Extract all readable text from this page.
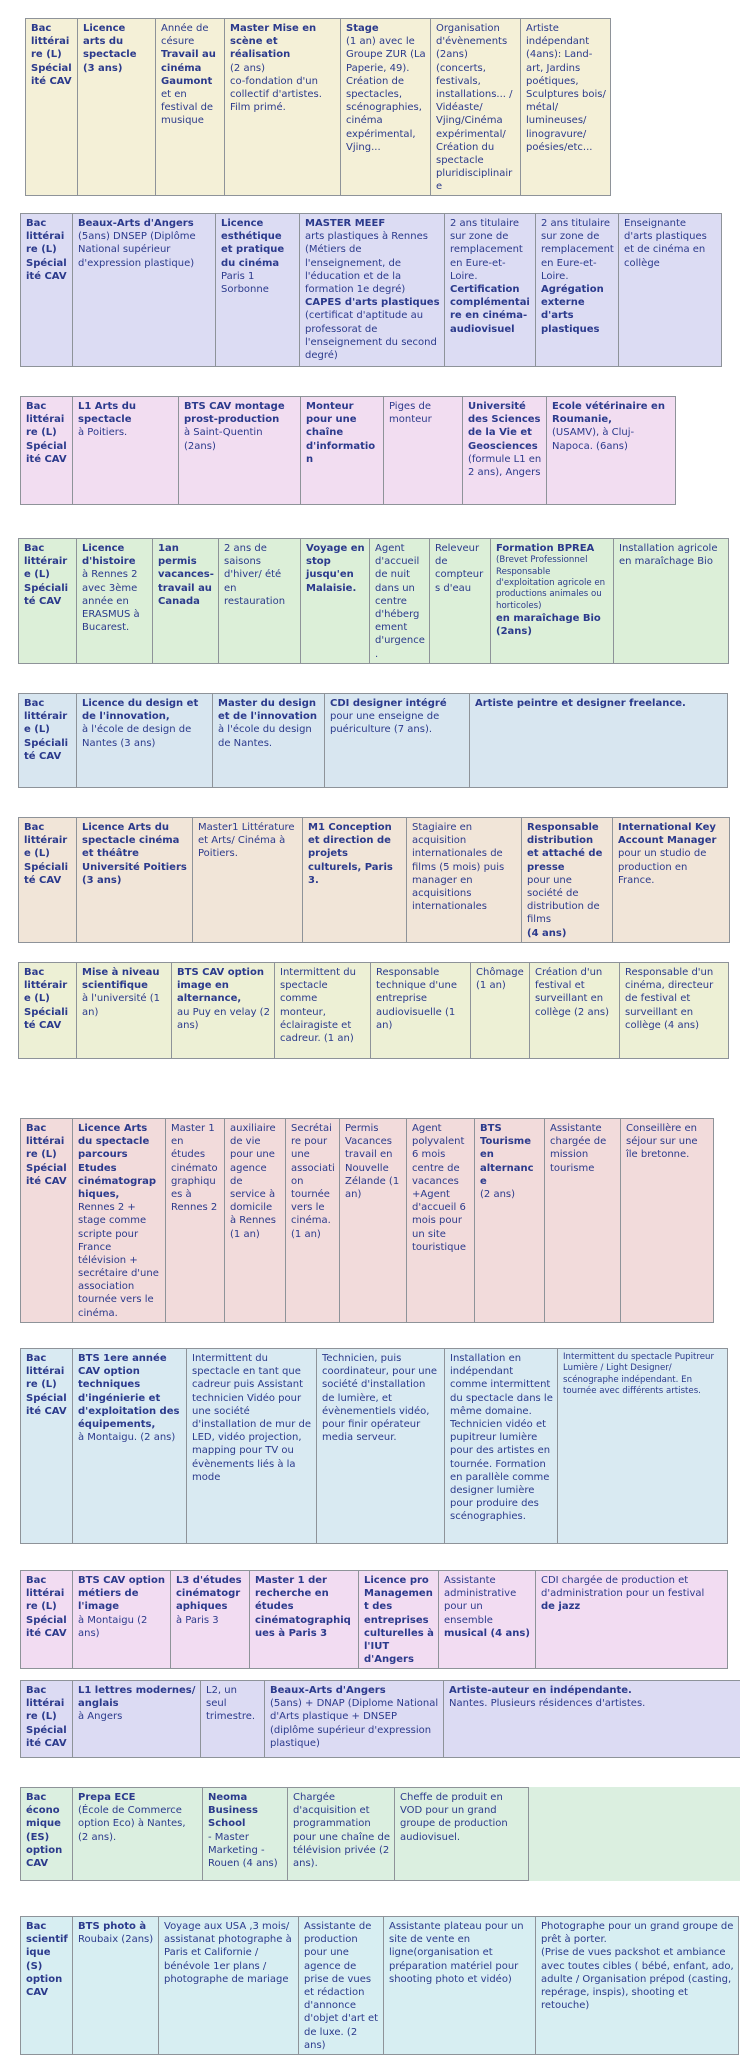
Bac littéraire (L) Spécialité CAV

Licence arts du spectacle (3 ans)

Année de césure
Travail au cinéma Gaumont
et en festival de musique

Master Mise en scène et réalisation
(2 ans)
co-fondation d'un collectif d'artistes. Film primé.

Stage
(1 an) avec le Groupe ZUR (La Paperie, 49). Création de spectacles, scénographies, cinéma expérimental, Vjing...

Organisation d'évènements (2ans) (concerts, festivals, installations... / Vidéaste/ Vjing/Cinéma expérimental/ Création du spectacle pluridisciplinaire

Artiste indépendant (4ans): Land-art, Jardins poétiques, Sculptures bois/ métal/ lumineuses/ linogravure/ poésies/etc...
Bac littéraire (L) Spécialité CAV

Beaux-Arts d'Angers
(5ans) DNSEP (Diplôme National supérieur d'expression plastique)

Licence esthétique et pratique du cinéma
Paris 1 Sorbonne

MASTER MEEF
arts plastiques à Rennes (Métiers de l'enseignement, de l'éducation et de la formation 1e degré)
CAPES d'arts plastiques
(certificat d'aptitude au professorat de l'enseignement du second degré)

2 ans titulaire sur zone de remplacement en Eure-et-Loire.
Certification complémentaire en cinéma-audiovisuel

2 ans titulaire sur zone de remplacement en Eure-et-Loire.
Agrégation externe d'arts plastiques

Enseignante d'arts plastiques et de cinéma en collège
Bac littéraire (L) Spécialité CAV

L1 Arts du spectacle
à Poitiers.

BTS CAV montage prost-production
à Saint-Quentin (2ans)

Monteur pour une chaîne d'information

Piges de monteur

Université des Sciences de la Vie et Geosciences
(formule L1 en 2 ans), Angers

Ecole vétérinaire en Roumanie,
(USAMV), à Cluj-Napoca. (6ans)
Bac littéraire (L) Spécialité CAV

Licence d'histoire
à Rennes 2 avec 3ème année en ERASMUS à Bucarest.

1an permis vacances-travail au Canada

2 ans de saisons d'hiver/ été en restauration

Voyage en stop jusqu'en Malaisie.

Agent d'accueil de nuit dans un centre d'hébergement d'urgence.

Releveur de compteurs d'eau

Formation BPREA
(Brevet Professionnel Responsable d'exploitation agricole en productions animales ou horticoles)
en maraîchage Bio (2ans)

Installation agricole en maraîchage Bio
Bac littéraire (L) Spécialité CAV

Licence du design et de l'innovation,
à l'école de design de Nantes (3 ans)

Master du design et de l'innovation
à l'école du design de Nantes.

CDI designer intégré
pour une enseigne de puériculture (7 ans).

Artiste peintre et designer freelance.
Bac littéraire (L) Spécialité CAV

Licence Arts du spectacle cinéma et théâtre Université Poitiers (3 ans)

Master1 Littérature et Arts/ Cinéma à Poitiers.

M1 Conception et direction de projets culturels, Paris 3.

Stagiaire en acquisition internationales de films (5 mois) puis manager en acquisitions internationales

Responsable distribution et attaché de presse
pour une société de distribution de films
(4 ans)

International Key Account Manager
pour un studio de production en France.
Bac littéraire (L) Spécialité CAV

Mise à niveau scientifique
à l'université (1 an)

BTS CAV option image en alternance,
au Puy en velay (2 ans)

Intermittent du spectacle comme monteur, éclairagiste et cadreur. (1 an)

Responsable technique d'une entreprise audiovisuelle (1 an)

Chômage (1 an)

Création d'un festival et surveillant en collège (2 ans)

Responsable d'un cinéma, directeur de festival et surveillant en collège (4 ans)
Bac littéraire (L) Spécialité CAV

Licence Arts du spectacle parcours Etudes cinématographiques,
Rennes 2 + stage comme scripte pour France télévision + secrétaire d'une association tournée vers le cinéma.

Master 1 en études cinématographiques à Rennes 2

auxiliaire de vie pour une agence de service à domicile à Rennes (1 an)

Secrétaire pour une association tournée vers le cinéma. (1 an)

Permis Vacances travail en Nouvelle Zélande (1 an)

Agent polyvalent 6 mois centre de vacances +Agent d'accueil 6 mois pour un site touristique

BTS Tourisme en alternance
(2 ans)

Assistante chargée de mission tourisme

Conseillère en séjour sur une île bretonne.
Bac littéraire (L) Spécialité CAV

BTS 1ere année CAV option techniques d'ingénierie et d'exploitation des équipements,
à Montaigu. (2 ans)

Intermittent du spectacle en tant que cadreur puis Assistant technicien Vidéo pour une société d'installation de mur de LED, vidéo projection, mapping pour TV ou évènements liés à la mode

Technicien, puis coordinateur, pour une société d'installation de lumière, et évènementiels vidéo, pour finir opérateur media serveur.

Installation en indépendant comme intermittent du spectacle dans le même domaine. Technicien vidéo et pupitreur lumière pour des artistes en tournée. Formation en parallèle comme designer lumière pour produire des scénographies.

Intermittent du spectacle Pupitreur Lumière / Light Designer/ scénographe indépendant. En tournée avec différents artistes.
Bac littéraire (L) Spécialité CAV

BTS CAV option métiers de l'image
à Montaigu (2 ans)

L3 d'études cinématographiques
à Paris 3

Master 1 der recherche en études cinématographiques à Paris 3

Licence pro Management des entreprises culturelles à l'IUT d'Angers

Assistante administrative pour un ensemble
musical (4 ans)

CDI chargée de production et d'administration pour un festival
de jazz
Bac littéraire (L) Spécialité CAV

L1 lettres modernes/ anglais
à Angers

L2, un seul trimestre.

Beaux-Arts d'Angers
(5ans) + DNAP (Diplome National d'Arts plastique + DNSEP (diplôme supérieur d'expression plastique)

Artiste-auteur en indépendante.
Nantes. Plusieurs résidences d'artistes.
Bac économique (ES) option CAV

Prepa ECE
(École de Commerce option Eco) à Nantes, (2 ans).

Neoma Business School
- Master Marketing - Rouen (4 ans)

Chargée d'acquisition et programmation pour une chaîne de télévision privée (2 ans).

Cheffe de produit en VOD pour un grand groupe de production audiovisuel.
Bac scientifique (S) option CAV

BTS photo à
Roubaix (2ans)

Voyage aux USA ,3 mois/ assistanat photographe à Paris et Californie / bénévole 1er plans / photographe de mariage

Assistante de production pour une agence de prise de vues et rédaction d'annonce d'objet d'art et de luxe. (2 ans)

Assistante plateau pour un site de vente en ligne(organisation et préparation matériel pour shooting photo et vidéo)

Photographe pour un grand groupe de prêt à porter.
(Prise de vues packshot et ambiance avec toutes cibles ( bébé, enfant, ado, adulte / Organisation prépod (casting, repérage, inspis), shooting et retouche)
